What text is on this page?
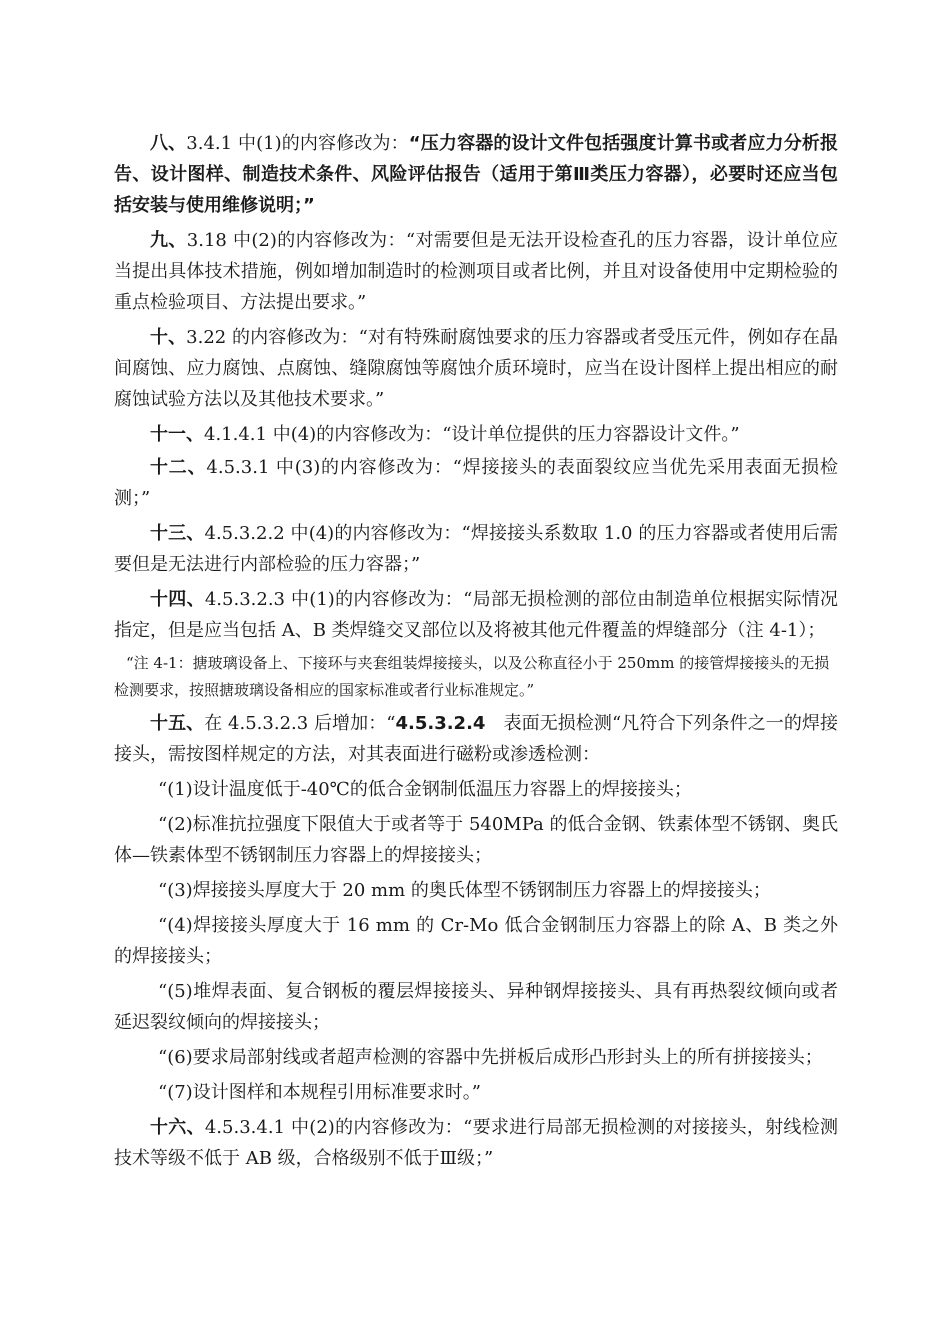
八、3.4.1 中(1)的内容修改为：“压力容器的设计文件包括强度计算书或者应力分析报告、设计图样、制造技术条件、风险评估报告（适用于第Ⅲ类压力容器），必要时还应当包括安装与使用维修说明；”

九、3.18 中(2)的内容修改为：“对需要但是无法开设检查孔的压力容器，设计单位应当提出具体技术措施，例如增加制造时的检测项目或者比例，并且对设备使用中定期检验的重点检验项目、方法提出要求。”

十、3.22 的内容修改为：“对有特殊耐腐蚀要求的压力容器或者受压元件，例如存在晶间腐蚀、应力腐蚀、点腐蚀、缝隙腐蚀等腐蚀介质环境时，应当在设计图样上提出相应的耐腐蚀试验方法以及其他技术要求。”

十一、4.1.4.1 中(4)的内容修改为：“设计单位提供的压力容器设计文件。”

十二、4.5.3.1 中(3)的内容修改为：“焊接接头的表面裂纹应当优先采用表面无损检测；”

十三、4.5.3.2.2 中(4)的内容修改为：“焊接接头系数取 1.0 的压力容器或者使用后需要但是无法进行内部检验的压力容器；”

十四、4.5.3.2.3 中(1)的内容修改为：“局部无损检测的部位由制造单位根据实际情况指定，但是应当包括 A、B 类焊缝交叉部位以及将被其他元件覆盖的焊缝部分（注 4-1）；

“注 4-1：搪玻璃设备上、下接环与夹套组装焊接接头，以及公称直径小于 250mm 的接管焊接接头的无损检测要求，按照搪玻璃设备相应的国家标准或者行业标准规定。”

十五、在 4.5.3.2.3 后增加：“4.5.3.2.4　表面无损检测“凡符合下列条件之一的焊接接头，需按图样规定的方法，对其表面进行磁粉或渗透检测：

“(1)设计温度低于-40℃的低合金钢制低温压力容器上的焊接接头；

“(2)标准抗拉强度下限值大于或者等于 540MPa 的低合金钢、铁素体型不锈钢、奥氏体—铁素体型不锈钢制压力容器上的焊接接头；

“(3)焊接接头厚度大于 20 mm 的奥氏体型不锈钢制压力容器上的焊接接头；

“(4)焊接接头厚度大于 16 mm 的 Cr-Mo 低合金钢制压力容器上的除 A、B 类之外的焊接接头；

“(5)堆焊表面、复合钢板的覆层焊接接头、异种钢焊接接头、具有再热裂纹倾向或者延迟裂纹倾向的焊接接头；

“(6)要求局部射线或者超声检测的容器中先拼板后成形凸形封头上的所有拼接接头；

“(7)设计图样和本规程引用标准要求时。”

十六、4.5.3.4.1 中(2)的内容修改为：“要求进行局部无损检测的对接接头，射线检测技术等级不低于 AB 级，合格级别不低于Ⅲ级；”
